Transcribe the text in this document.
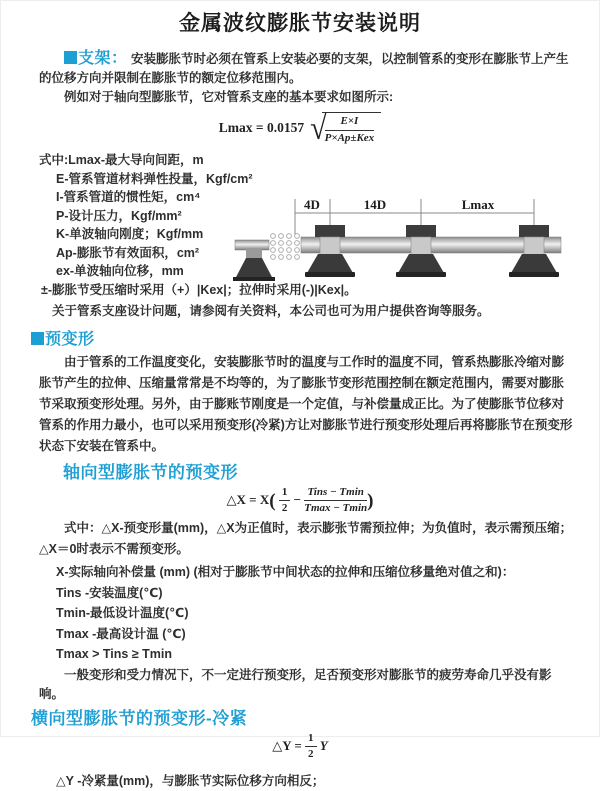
金属波纹膨胀节安装说明

支架： 安装膨胀节时必须在管系上安装必要的支架，以控制管系的变形在膨胀节上产生的位移方向并限制在膨胀节的额定位移范围内。

例如对于轴向型膨胀节，它对管系支座的基本要求如图所示:

Lmax = 0.0157 √
$\frac{E\times I}{\text{P×Ap±Kex}}$
式中:Lmax-最大导向间距，m
E-管系管道材料弹性投量，Kgf/cm²
I-管系管道的惯性矩，cm⁴
P-设计压力，Kgf/mm²
K-单波轴向刚度；Kgf/mm
Ap-膨胀节有效面积，cm²
ex-单波轴向位移，mm
±-膨胀节受压缩时采用（+）|Kex|；拉伸时采用(-)|Kex|。
关于管系支座设计问题，请参阅有关资料，本公司也可为用户提供咨询等服务。
4D	14D	Lmax

预变形

由于管系的工作温度变化，安装膨胀节时的温度与工作时的温度不同，管系热膨胀冷缩对膨胀节产生的拉伸、压缩量常常是不均等的，为了膨胀节变形范围控制在额定范围内，需要对膨胀节采取预变形处理。另外，由于膨账节刚度是一个定值，与补偿量成正比。为了使膨胀节位移对管系的作用力最小，也可以采用预变形(冷紧)方让对膨胀节进行预变形处理后再将膨胀节在预变形状态下安装在管系中。

轴向型膨胀节的预变形
△X = $X( \frac{1}{2} - \frac{\text{Tins − Tmin}}{Tmax - Tmin}$ )

式中：△X-预变形量(mm)，△X为正值时，表示膨张节需预拉伸；为负值时，表示需预压缩；△X＝0时表示不需预变形。

X-实际轴向补偿量 (mm) (相对于膨胀节中间状态的拉伸和压缩位移量绝对值之和)：
Tins -安装温度(℃)
Tmin-最低设计温度(℃)
Tmax -最高设计温 (℃)
Tmax > Tins ≥ Tmin

一般变形和受力情况下，不一定进行预变形，足否预变形对膨胀节的疲劳寿命几乎没有影响。

横向型膨胀节的预变形-冷紧
△Y = $\frac{1}{2}$ Y

△Y -冷紧量(mm)，与膨胀节实际位移方向相反；
